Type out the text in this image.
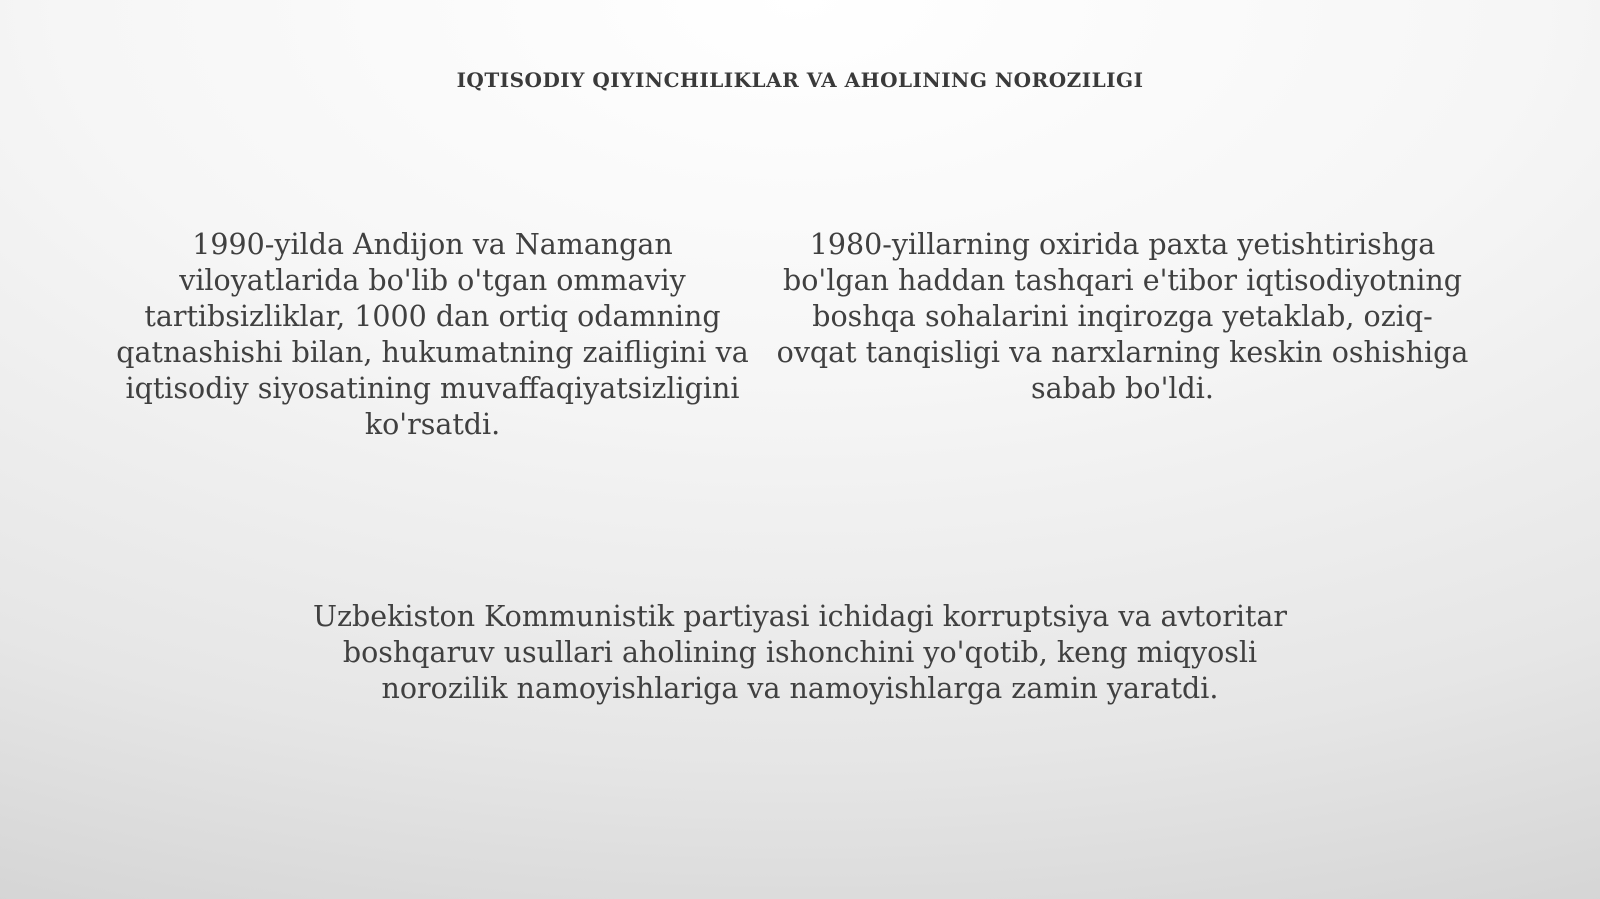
IQTISODIY QIYINCHILIKLAR VA AHOLINING NOROZILIGI

1990-yilda Andijon va Namangan viloyatlarida bo'lib o'tgan ommaviy tartibsizliklar, 1000 dan ortiq odamning qatnashishi bilan, hukumatning zaifligini va iqtisodiy siyosatining muvaffaqiyatsizligini ko'rsatdi.

1980-yillarning oxirida paxta yetishtirishga bo'lgan haddan tashqari e'tibor iqtisodiyotning boshqa sohalarini inqirozga yetaklab, oziq-ovqat tanqisligi va narxlarning keskin oshishiga sabab bo'ldi.

Uzbekiston Kommunistik partiyasi ichidagi korruptsiya va avtoritar boshqaruv usullari aholining ishonchini yo'qotib, keng miqyosli norozilik namoyishlariga va namoyishlarga zamin yaratdi.
